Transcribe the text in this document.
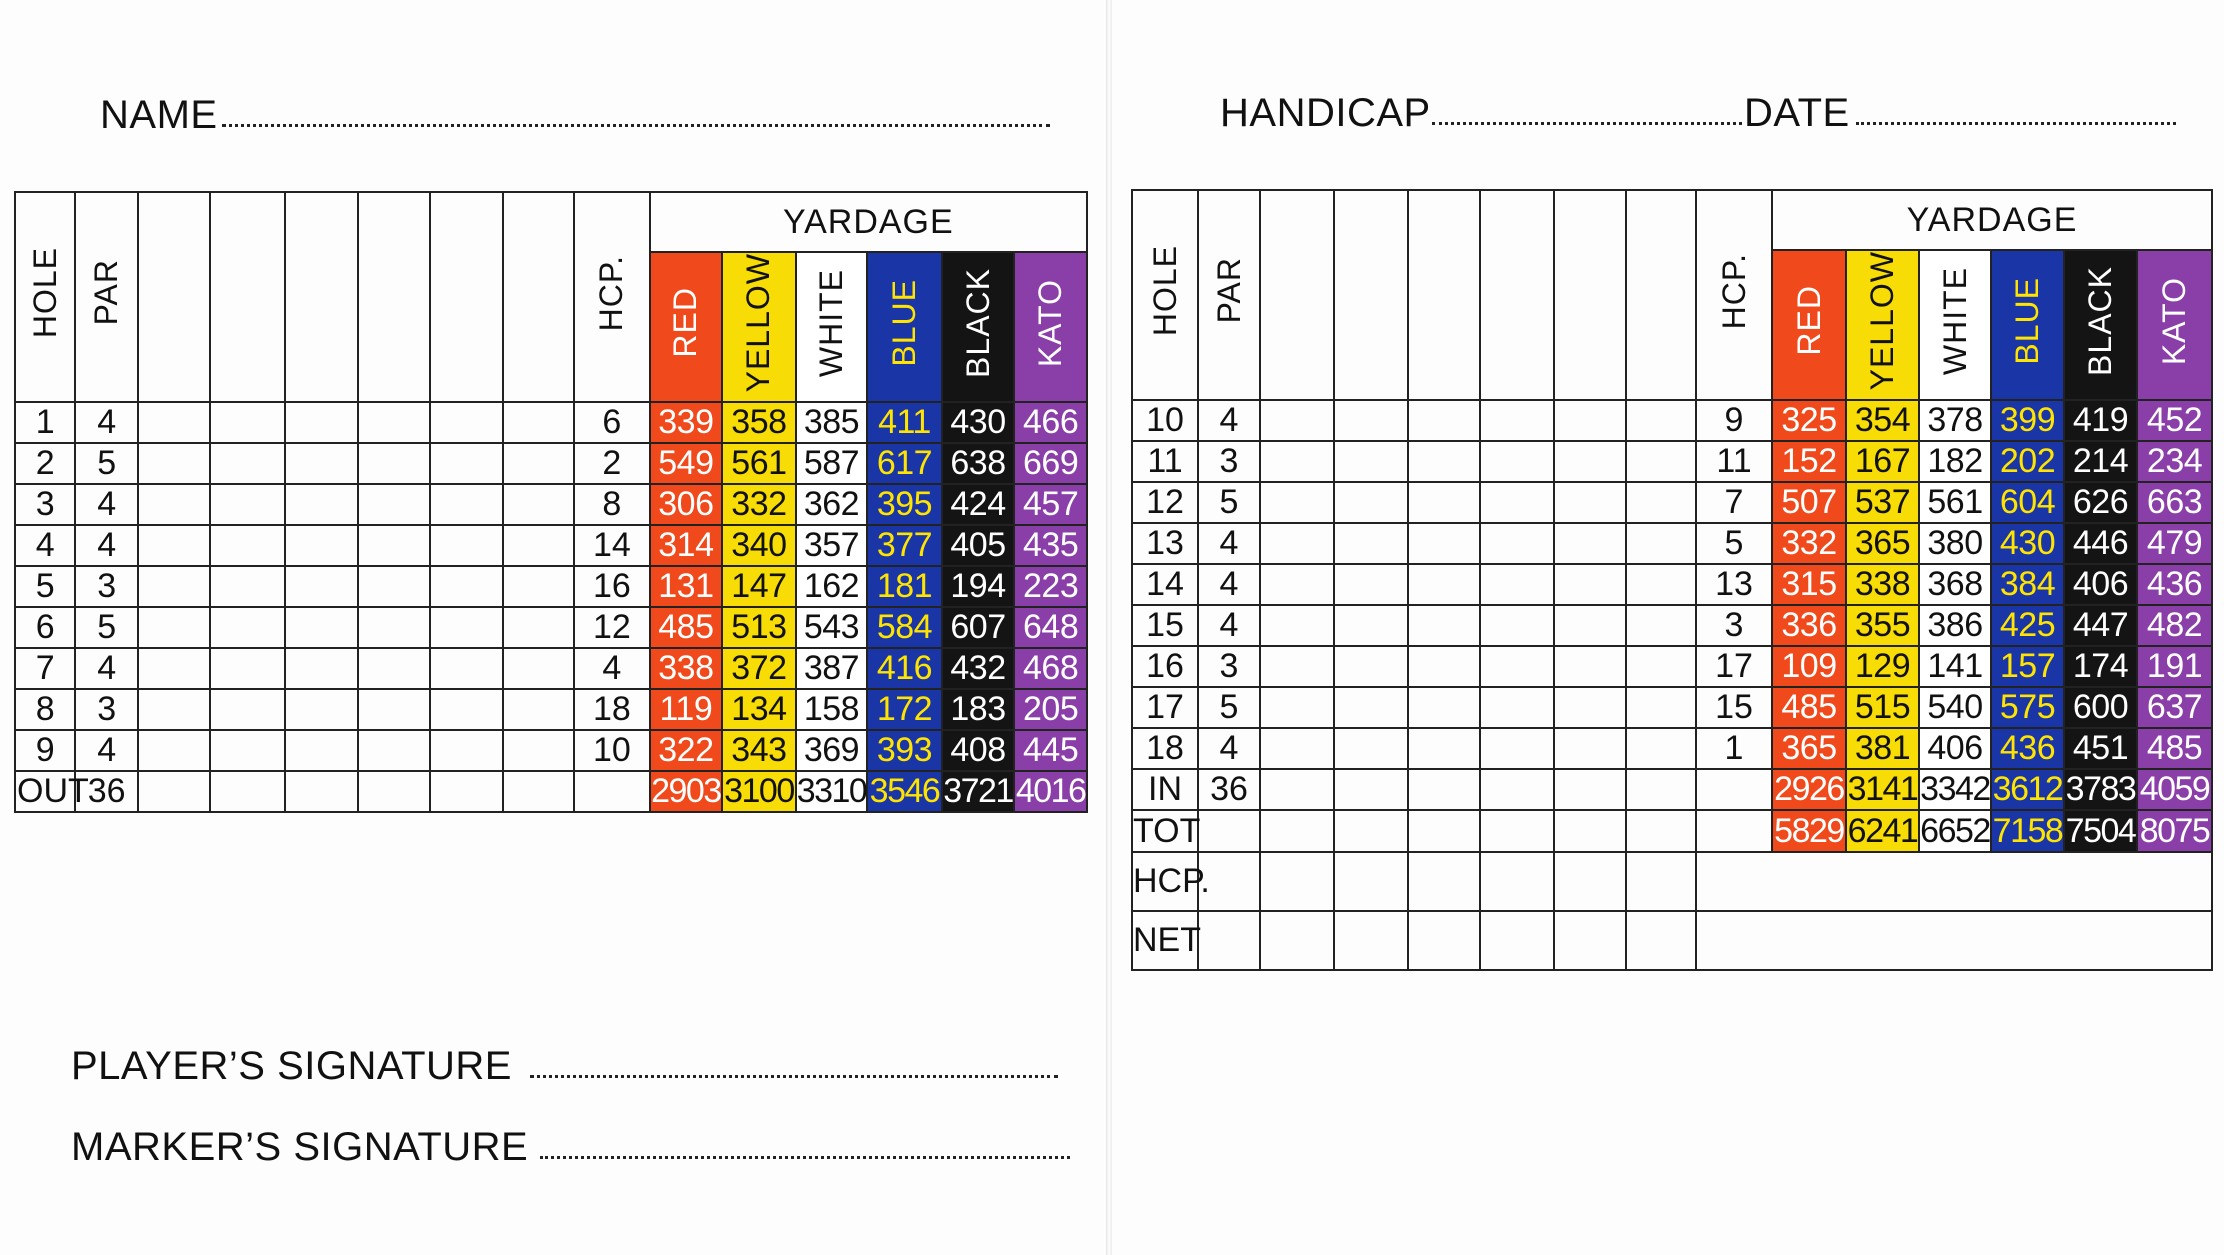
NAME	HANDICAP	DATE
PLAYER’S SIGNATURE
MARKER’S SIGNATURE
HOLE	PAR							HCP.	YARDAGE					
									RED	YELLOW	WHITE	BLUE	BLACK	KATO
1	4							6	339	358	385	411	430	466
2	5							2	549	561	587	617	638	669
3	4							8	306	332	362	395	424	457
4	4							14	314	340	357	377	405	435
5	3							16	131	147	162	181	194	223
6	5							12	485	513	543	584	607	648
7	4							4	338	372	387	416	432	468
8	3							18	119	134	158	172	183	205
9	4							10	322	343	369	393	408	445
OUT	36								2903	3100	3310	3546	3721	4016
HOLE	PAR							HCP.	YARDAGE					
									RED	YELLOW	WHITE	BLUE	BLACK	KATO
10	4							9	325	354	378	399	419	452
11	3							11	152	167	182	202	214	234
12	5							7	507	537	561	604	626	663
13	4							5	332	365	380	430	446	479
14	4							13	315	338	368	384	406	436
15	4							3	336	355	386	425	447	482
16	3							17	109	129	141	157	174	191
17	5							15	485	515	540	575	600	637
18	4							1	365	381	406	436	451	485
IN	36								2926	3141	3342	3612	3783	4059
TOT									5829	6241	6652	7158	7504	8075
HCP.														
NET														
